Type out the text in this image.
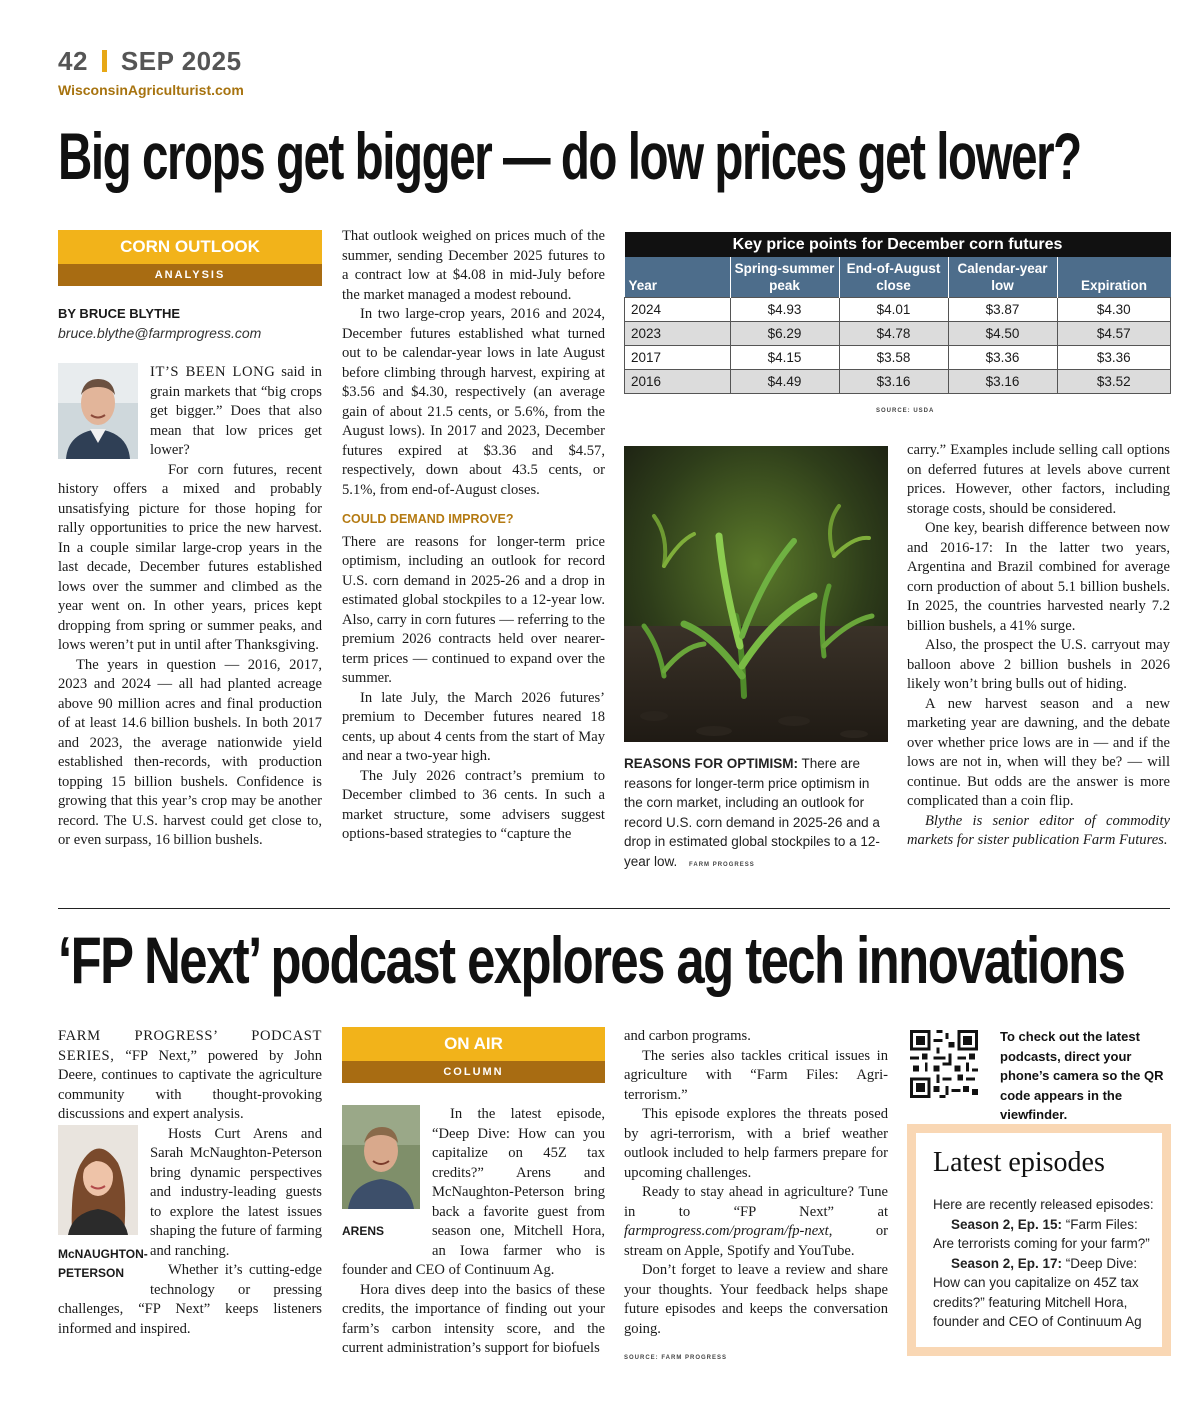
42 SEP 2025
WisconsinAgriculturist.com
Big crops get bigger — do low prices get lower?
CORN OUTLOOK
ANALYSIS
BY BRUCE BLYTHE
bruce.blythe@farmprogress.com

IT’S BEEN LONG said in grain markets that “big crops get bigger.” Does that also mean that low prices get lower?

For corn futures, recent history offers a mixed and probably unsatisfying picture for those hoping for rally opportunities to price the new harvest. In a couple similar large-crop years in the last decade, December futures established lows over the summer and climbed as the year went on. In other years, prices kept dropping from spring or summer peaks, and lows weren’t put in until after Thanksgiving.

The years in question — 2016, 2017, 2023 and 2024 — all had planted acreage above 90 million acres and final production of at least 14.6 billion bushels. In both 2017 and 2023, the average nationwide yield established then-records, with production topping 15 billion bushels. Confidence is growing that this year’s crop may be another record. The U.S. harvest could get close to, or even surpass, 16 billion bushels.

That outlook weighed on prices much of the summer, sending December 2025 futures to a contract low at $4.08 in mid-July before the market managed a modest rebound.

In two large-crop years, 2016 and 2024, December futures established what turned out to be calendar-year lows in late August before climbing through harvest, expiring at $3.56 and $4.30, respectively (an average gain of about 21.5 cents, or 5.6%, from the August lows). In 2017 and 2023, December futures expired at $3.36 and $4.57, respectively, down about 43.5 cents, or 5.1%, from end-of-August closes.

COULD DEMAND IMPROVE?

There are reasons for longer-term price optimism, including an outlook for record U.S. corn demand in 2025-26 and a drop in estimated global stockpiles to a 12-year low. Also, carry in corn futures — referring to the premium 2026 contracts held over nearer-term prices — continued to expand over the summer.

In late July, the March 2026 futures’ premium to December futures neared 18 cents, up about 4 cents from the start of May and near a two-year high.

The July 2026 contract’s premium to December climbed to 36 cents. In such a market structure, some advisers suggest options-based strategies to “capture the

Key price points for December corn futures				
Year	Spring-summer peak	End-of-August close	Calendar-year low	Expiration
2024	$4.93	$4.01	$3.87	$4.30
2023	$6.29	$4.78	$4.50	$4.57
2017	$4.15	$3.58	$3.36	$3.36
2016	$4.49	$3.16	$3.16	$3.52
SOURCE: USDA
REASONS FOR OPTIMISM: There are reasons for longer-term price optimism in the corn market, including an outlook for record U.S. corn demand in 2025-26 and a drop in estimated global stockpiles to a 12-year low. FARM PROGRESS

carry.” Examples include selling call options on deferred futures at levels above current prices. However, other factors, including storage costs, should be considered.

One key, bearish difference between now and 2016-17: In the latter two years, Argentina and Brazil combined for average corn production of about 5.1 billion bushels. In 2025, the countries harvested nearly 7.2 billion bushels, a 41% surge.

Also, the prospect the U.S. carryout may balloon above 2 billion bushels in 2026 likely won’t bring bulls out of hiding.

A new harvest season and a new marketing year are dawning, and the debate over whether price lows are in — and if the lows are not in, when will they be? — will continue. But odds are the answer is more complicated than a coin flip.

Blythe is senior editor of commodity markets for sister publication Farm Futures.

‘FP Next’ podcast explores ag tech innovations

FARM PROGRESS’ PODCAST SERIES, “FP Next,” powered by John Deere, continues to captivate the agriculture community with thought-provoking discussions and expert analysis.

McNAUGHTON-PETERSON

Hosts Curt Arens and Sarah McNaughton-Peterson bring dynamic perspectives and industry-leading guests to explore the latest issues shaping the future of farming and ranching.

Whether it’s cutting-edge technology or pressing challenges, “FP Next” keeps listeners informed and inspired.

ON AIR
COLUMN
ARENS

In the latest episode, “Deep Dive: How can you capitalize on 45Z tax credits?” Arens and McNaughton-Peterson bring back a favorite guest from season one, Mitchell Hora, an Iowa farmer who is founder and CEO of Continuum Ag.

Hora dives deep into the basics of these credits, the importance of finding out your farm’s carbon intensity score, and the current administration’s support for biofuels

and carbon programs.

The series also tackles critical issues in agriculture with “Farm Files: Agri-terrorism.”

This episode explores the threats posed by agri-terrorism, with a brief weather outlook included to help farmers prepare for upcoming challenges.

Ready to stay ahead in agriculture? Tune in to “FP Next” at farmprogress.com/program/fp-next, or stream on Apple, Spotify and YouTube.

Don’t forget to leave a review and share your thoughts. Your feedback helps shape future episodes and keeps the conversation going.

SOURCE: FARM PROGRESS
To check out the latest podcasts, direct your phone’s camera so the QR code appears in the viewfinder.
Latest episodes
Here are recently released episodes:
Season 2, Ep. 15: “Farm Files: Are terrorists coming for your farm?”
Season 2, Ep. 17: “Deep Dive: How can you capitalize on 45Z tax credits?” featuring Mitchell Hora, founder and CEO of Continuum Ag
